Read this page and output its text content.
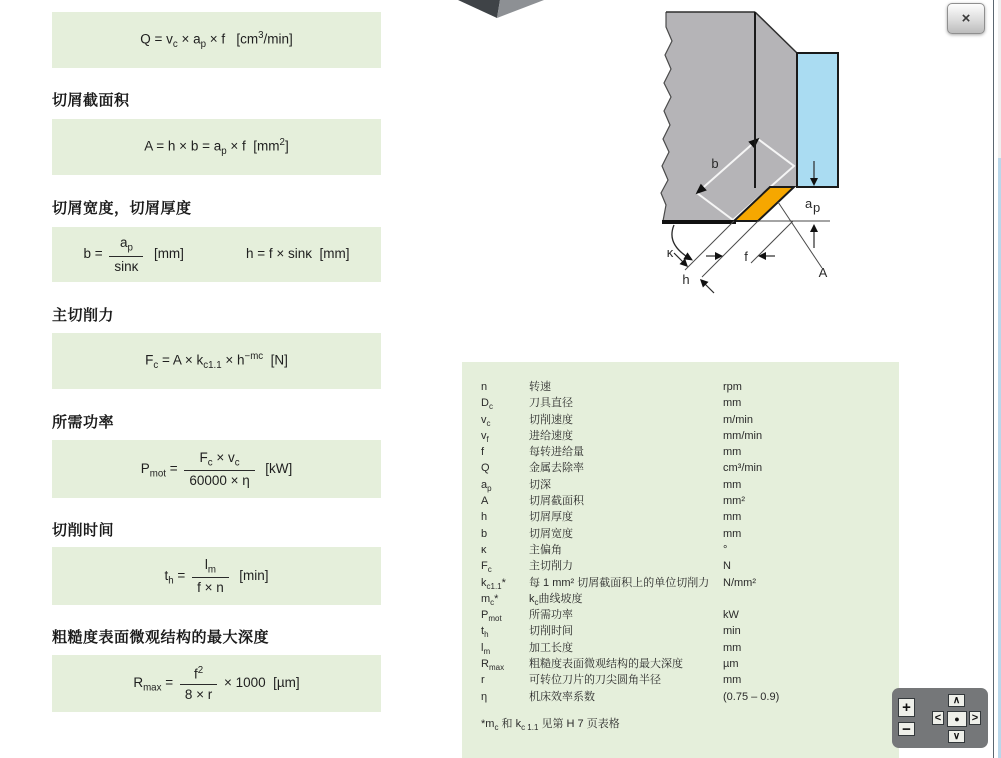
$Q = v_c \times a_p \times f$   $[cm^3/\min]$
切屑截面积
$A = h \times b = a_p \times f$  $[mm^2]$
切屑宽度，切屑厚度
$b = \frac{a_p}{\sin\kappa} [mm]$	h = f × sinκ  [mm]
主切削力
$F_c = A \times k_{c1.1} \times h^{-mc}$  [N]
所需功率
$P_{mot} = \frac{F_c \times v_c}{60000 \times \eta} [kW]$
切削时间
$t_h = \frac{l_m}{f \times n} [\min]$
粗糙度表面微观结构的最大深度
$R_{max} = \frac{f^2}{8 \times r} \times 1000$  [µm]
b
κ
h
f
A
a p
n	转速	rpm
$D_c$	刀具直径	mm
$v_c$	切削速度	m/min
$v_f$	进给速度	mm/min
f	每转进给量	mm
Q	金属去除率	cm³/min
$a_p$	切深	mm
A	切屑截面积	mm²
h	切屑厚度	mm
b	切屑宽度	mm
κ	主偏角	°
$F_c$	主切削力	N
$k_{c1.1}*$ 每 1 mm² 切屑截面积上的单位切削力 N/mm²
$m_c*$	$k_c$曲线坡度
$P_{mot}$ 所需功率	kW
$t_h$	切削时间	min
$l_m$	加工长度	mm
$R_{max}$ 粗糙度表面微观结构的最大深度	µm
r	可转位刀片的刀尖圆角半径	mm
η	机床效率系数	(0.75 – 0.9)
$*m_c$ 和 $k_{c 1.1}$ 见第 H 7 页表格
×
+
−
∧
< ● >
∨
